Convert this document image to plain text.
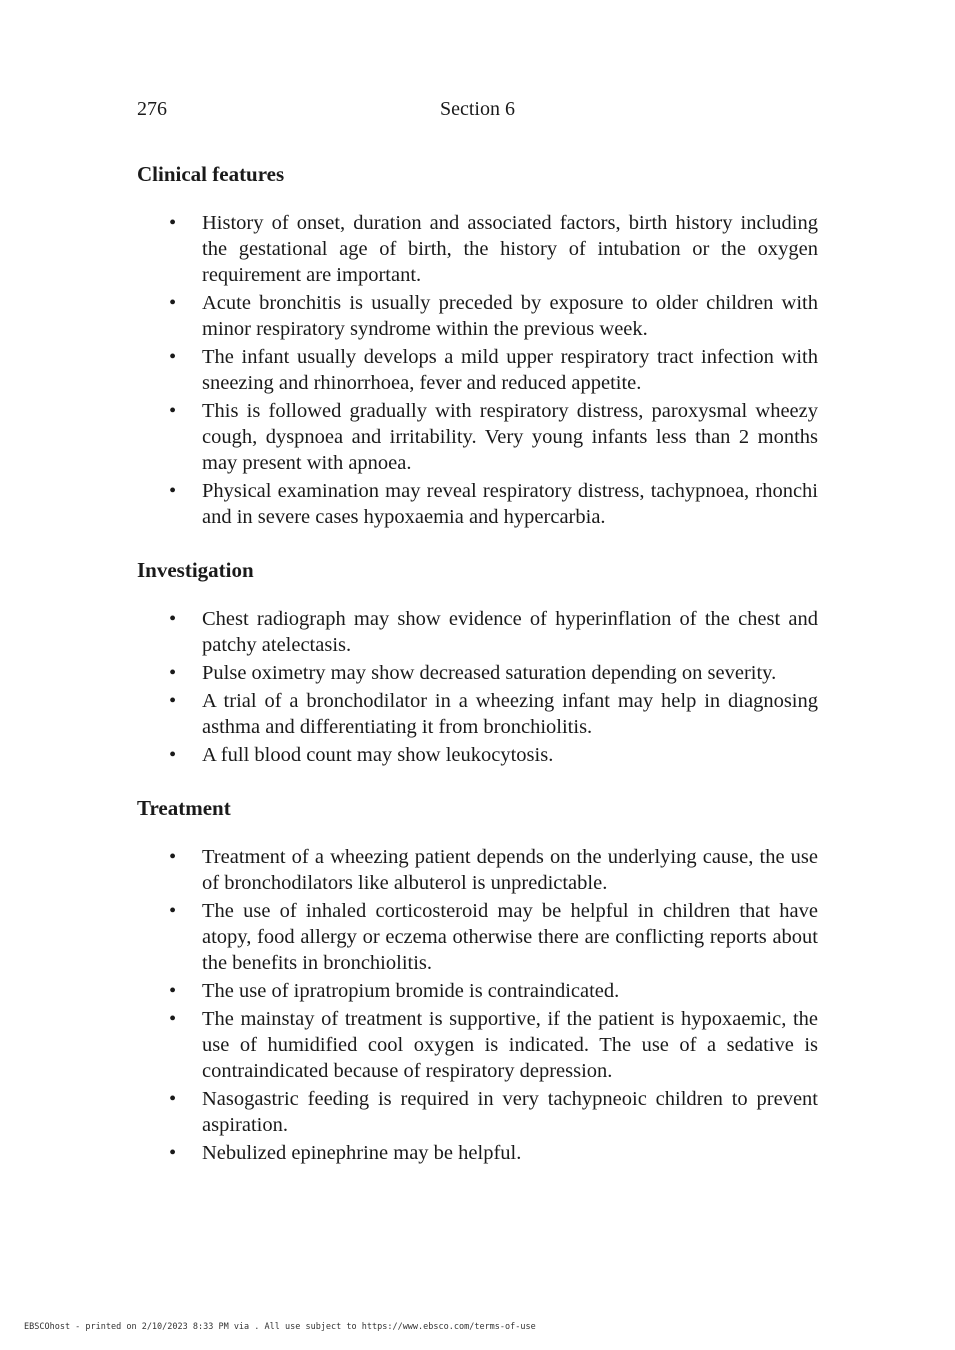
276	Section 6
Clinical features
• History of onset, duration and associated factors, birth history including the gestational age of birth, the history of intubation or the oxygen requirement are important.
• Acute bronchitis is usually preceded by exposure to older children with minor respiratory syndrome within the previous week.
• The infant usually develops a mild upper respiratory tract infection with sneezing and rhinorrhoea, fever and reduced appetite.
• This is followed gradually with respiratory distress, paroxysmal wheezy cough, dyspnoea and irritability. Very young infants less than 2 months may present with apnoea.
• Physical examination may reveal respiratory distress, tachypnoea, rhonchi and in severe cases hypoxaemia and hypercarbia.
Investigation
• Chest radiograph may show evidence of hyperinflation of the chest and patchy atelectasis.
• Pulse oximetry may show decreased saturation depending on severity.
• A trial of a bronchodilator in a wheezing infant may help in diagnosing asthma and differentiating it from bronchiolitis.
• A full blood count may show leukocytosis.
Treatment
• Treatment of a wheezing patient depends on the underlying cause, the use of bronchodilators like albuterol is unpredictable.
• The use of inhaled corticosteroid may be helpful in children that have atopy, food allergy or eczema otherwise there are conflicting reports about the benefits in bronchiolitis.
• The use of ipratropium bromide is contraindicated.
• The mainstay of treatment is supportive, if the patient is hypoxaemic, the use of humidified cool oxygen is indicated. The use of a sedative is contraindicated because of respiratory depression.
• Nasogastric feeding is required in very tachypneoic children to prevent aspiration.
• Nebulized epinephrine may be helpful.
EBSCOhost - printed on 2/10/2023 8:33 PM via . All use subject to https://www.ebsco.com/terms-of-use
